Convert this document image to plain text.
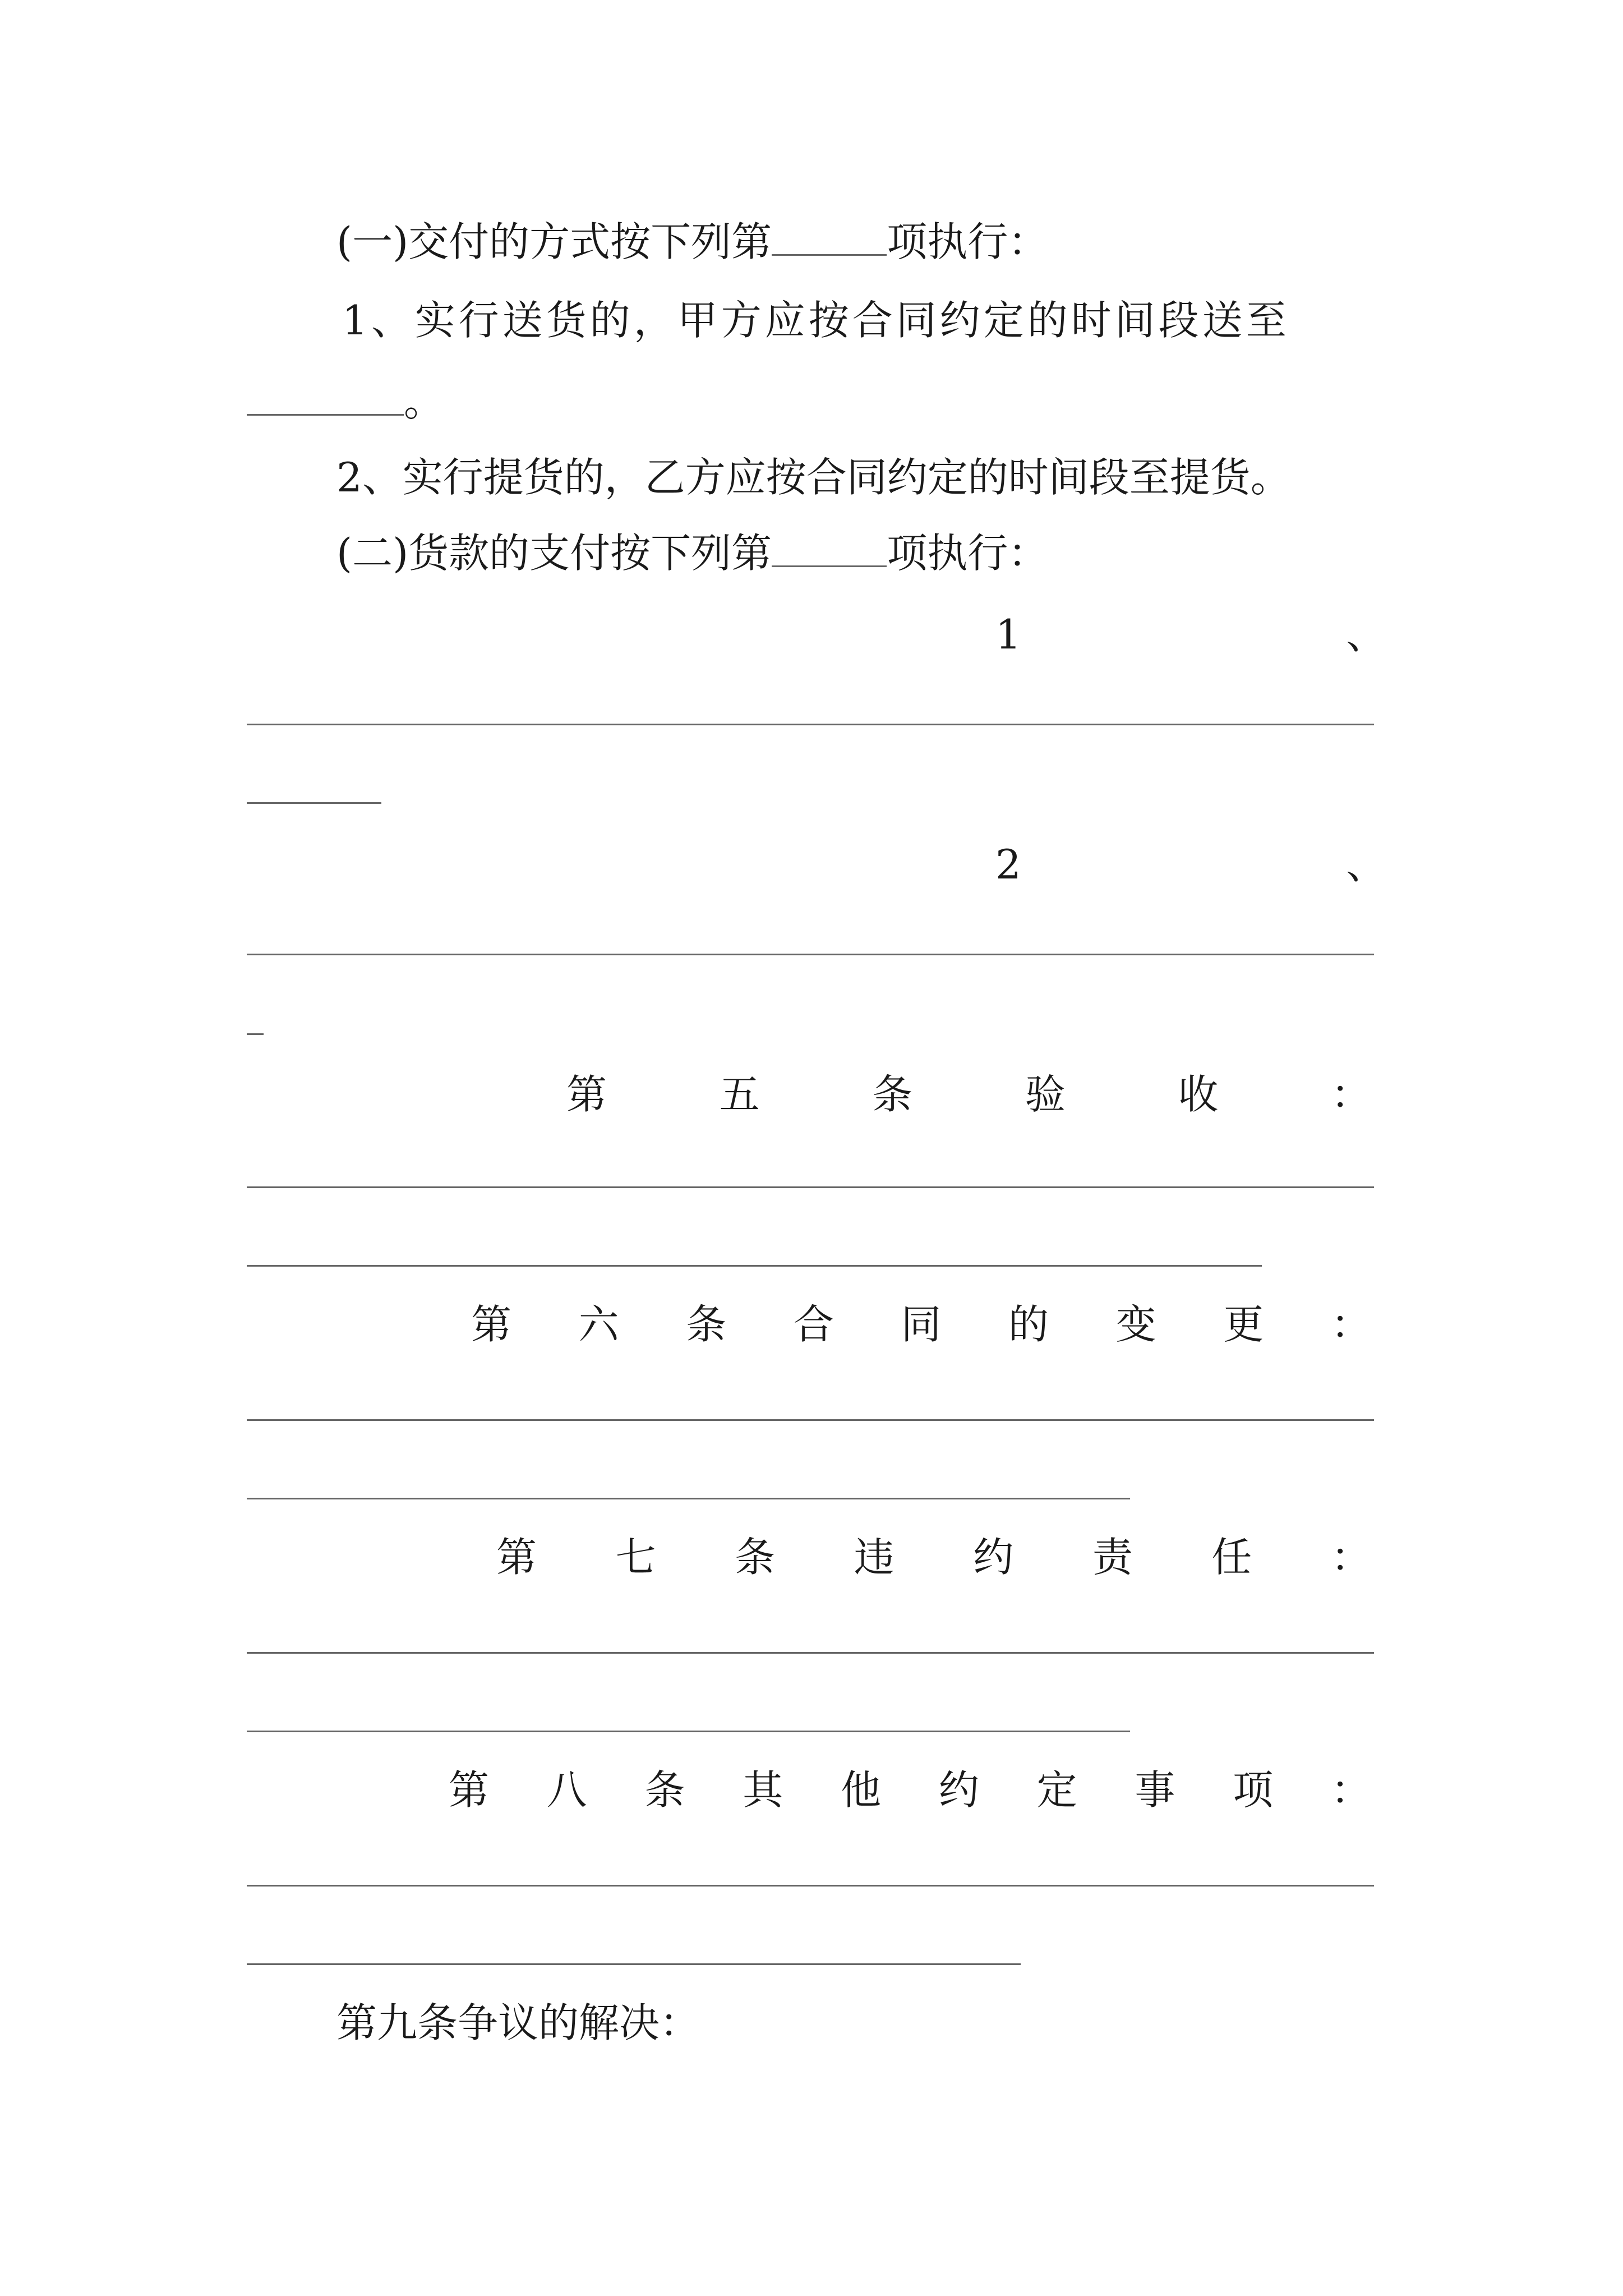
(一)交付的方式按下列第	项执行：
1、实行送货的，甲方应按合同约定的时间段送至
。
2、实行提货的，乙方应按合同约定的时间段至提货。
(二)货款的支付按下列第	项执行：
1	、
2	、
第	五	条	验	收	：
第 六 条 合 同 的 变 更 ：
第 七 条 违 约 责 任 ：
第 八 条 其 他 约 定 事 项 ：
第九条争议的解决：
